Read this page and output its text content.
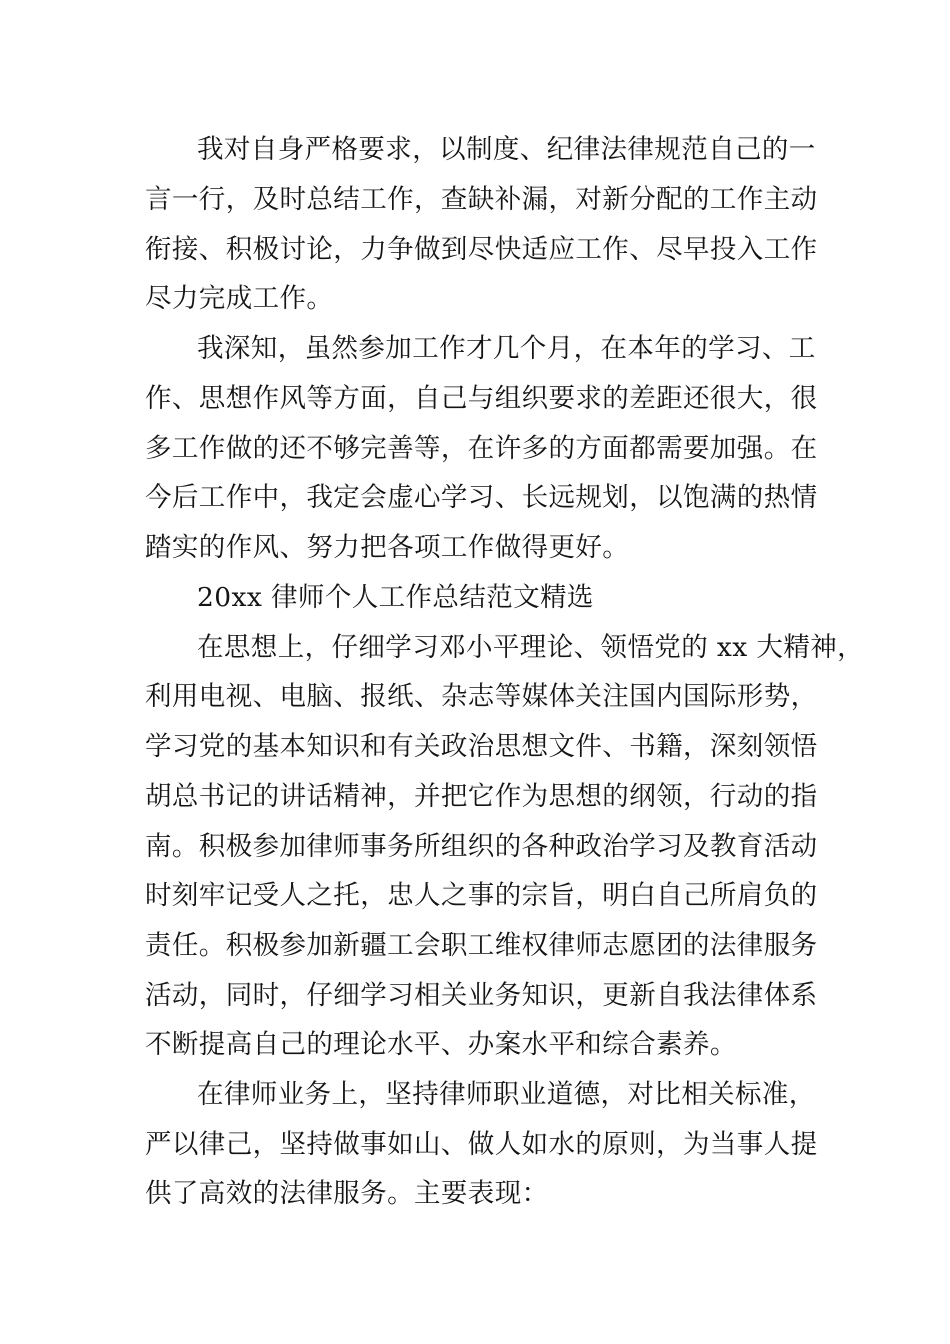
我对自身严格要求，以制度、纪律法律规范自己的一
言一行，及时总结工作，查缺补漏，对新分配的工作主动
衔接、积极讨论，力争做到尽快适应工作、尽早投入工作
尽力完成工作。
我深知，虽然参加工作才几个月，在本年的学习、工
作、思想作风等方面，自己与组织要求的差距还很大，很
多工作做的还不够完善等，在许多的方面都需要加强。在
今后工作中，我定会虚心学习、长远规划，以饱满的热情
踏实的作风、努力把各项工作做得更好。
20xx 律师个人工作总结范文精选
在思想上，仔细学习邓小平理论、领悟党的 xx 大精神，
利用电视、电脑、报纸、杂志等媒体关注国内国际形势，
学习党的基本知识和有关政治思想文件、书籍，深刻领悟
胡总书记的讲话精神，并把它作为思想的纲领，行动的指
南。积极参加律师事务所组织的各种政治学习及教育活动
时刻牢记受人之托，忠人之事的宗旨，明白自己所肩负的
责任。积极参加新疆工会职工维权律师志愿团的法律服务
活动，同时，仔细学习相关业务知识，更新自我法律体系
不断提高自己的理论水平、办案水平和综合素养。
在律师业务上，坚持律师职业道德，对比相关标准，
严以律己，坚持做事如山、做人如水的原则，为当事人提
供了高效的法律服务。主要表现：
